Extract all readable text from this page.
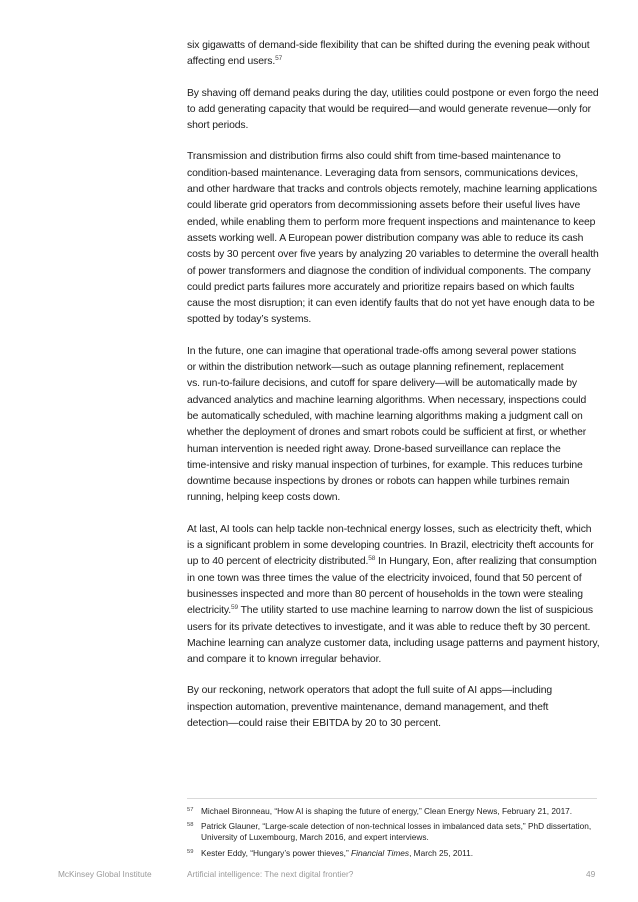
six gigawatts of demand-side flexibility that can be shifted during the evening peak without
affecting end users.$^{57}$

By shaving off demand peaks during the day, utilities could postpone or even forgo the need
to add generating capacity that would be required—and would generate revenue—only for
short periods.

Transmission and distribution firms also could shift from time-based maintenance to
condition-based maintenance. Leveraging data from sensors, communications devices,
and other hardware that tracks and controls objects remotely, machine learning applications
could liberate grid operators from decommissioning assets before their useful lives have
ended, while enabling them to perform more frequent inspections and maintenance to keep
assets working well. A European power distribution company was able to reduce its cash
costs by 30 percent over five years by analyzing 20 variables to determine the overall health
of power transformers and diagnose the condition of individual components. The company
could predict parts failures more accurately and prioritize repairs based on which faults
cause the most disruption; it can even identify faults that do not yet have enough data to be
spotted by today’s systems.

In the future, one can imagine that operational trade-offs among several power stations
or within the distribution network—such as outage planning refinement, replacement
vs. run-to-failure decisions, and cutoff for spare delivery—will be automatically made by
advanced analytics and machine learning algorithms. When necessary, inspections could
be automatically scheduled, with machine learning algorithms making a judgment call on
whether the deployment of drones and smart robots could be sufficient at first, or whether
human intervention is needed right away. Drone-based surveillance can replace the
time-intensive and risky manual inspection of turbines, for example. This reduces turbine
downtime because inspections by drones or robots can happen while turbines remain
running, helping keep costs down.

At last, AI tools can help tackle non-technical energy losses, such as electricity theft, which
is a significant problem in some developing countries. In Brazil, electricity theft accounts for
up to 40 percent of electricity distributed.$^{58}$ In Hungary, Eon, after realizing that consumption
in one town was three times the value of the electricity invoiced, found that 50 percent of
businesses inspected and more than 80 percent of households in the town were stealing
electricity.$^{59}$ The utility started to use machine learning to narrow down the list of suspicious
users for its private detectives to investigate, and it was able to reduce theft by 30 percent.
Machine learning can analyze customer data, including usage patterns and payment history,
and compare it to known irregular behavior.

By our reckoning, network operators that adopt the full suite of AI apps—including
inspection automation, preventive maintenance, demand management, and theft
detection—could raise their EBITDA by 20 to 30 percent.

57 Michael Bironneau, “How AI is shaping the future of energy,” Clean Energy News, February 21, 2017.
58 Patrick Glauner, “Large-scale detection of non-technical losses in imbalanced data sets,” PhD dissertation,
University of Luxembourg, March 2016, and expert interviews.
59 Kester Eddy, “Hungary’s power thieves,” Financial Times, March 25, 2011.
McKinsey Global Institute	Artificial intelligence: The next digital frontier?	49
